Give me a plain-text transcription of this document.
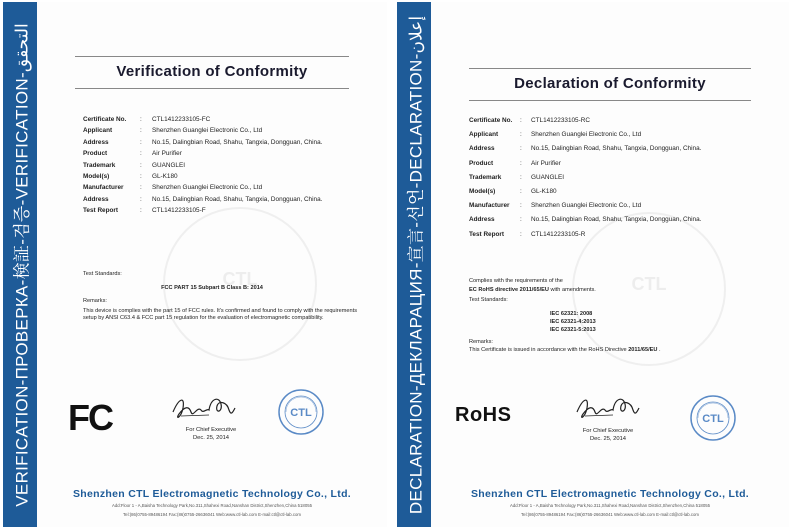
VERIFICATION-ПРОВЕРКА-検証-검증-VERIFICATION-التحقق	Verification of Conformity
CTL
Certificate No. : CTL1412233105-FC
Applicant	: Shenzhen Guanglei Electronic Co., Ltd
Address	: No.15, Dalingbian Road, Shahu, Tangxia, Dongguan, China.
Product	: Air Purifier
Trademark	: GUANGLEI
Model(s)	: GL-K180
Manufacturer	: Shenzhen Guanglei Electronic Co., Ltd
Address	: No.15, Dalingbian Road, Shahu, Tangxia, Dongguan, China.
Test Report	: CTL1412233105-F
Test Standards:
FCC PART 15 Subpart B Class B: 2014
Remarks:
This device is complies with the part 15 of FCC rules. It's confirmed and found to comply with the requirements setup by ANSI C63.4 & FCC part 15 regulation for the evaluation of electromagnetic compatibility.
FC	CTL
For Chief Executive
Dec. 25, 2014
Shenzhen CTL Electromagnetic Technology Co., Ltd.
Add:Floor 1 - A,Baisha Technology Park,No.311,Shahexi Road,Nanshan District,Shenzhen,China 518055
Tel:(86)0755-89486194 Fax:(86)0755-26636041 Web:www.ctl-lab.com E-mail:ctl@ctl-lab.com
DECLARATION-ДЕКЛАРАЦИЯ-宣言-선언-DECLARATION-إعلان
Declaration of Conformity
CTL
Certificate No. : CTL1412233105-RC
Applicant	: Shenzhen Guanglei Electronic Co., Ltd
Address	: No.15, Dalingbian Road, Shahu, Tangxia, Dongguan, China.
Product	: Air Purifier
Trademark	: GUANGLEI
Model(s)	: GL-K180
Manufacturer : Shenzhen Guanglei Electronic Co., Ltd
Address	: No.15, Dalingbian Road, Shahu, Tangxia, Dongguan, China.
Test Report : CTL1412233105-R
Complies with the requirements of the
EC RoHS directive 2011/65/EU with amendments.
Test Standards:
IEC 62321: 2008
IEC 62321-4:2013
IEC 62321-5:2013
Remarks:
This Certificate is issued in accordance with the RoHS Directive 2011/65/EU .
RoHS	CTL
For Chief Executive
Dec. 25, 2014
Shenzhen CTL Electromagnetic Technology Co., Ltd.
Add:Floor 1 - A,Baisha Technology Park,No.311,Shahexi Road,Nanshan District,Shenzhen,China 518055
Tel:(86)0755-89486194 Fax:(86)0755-26636041 Web:www.ctl-lab.com E-mail:ctl@ctl-lab.com
